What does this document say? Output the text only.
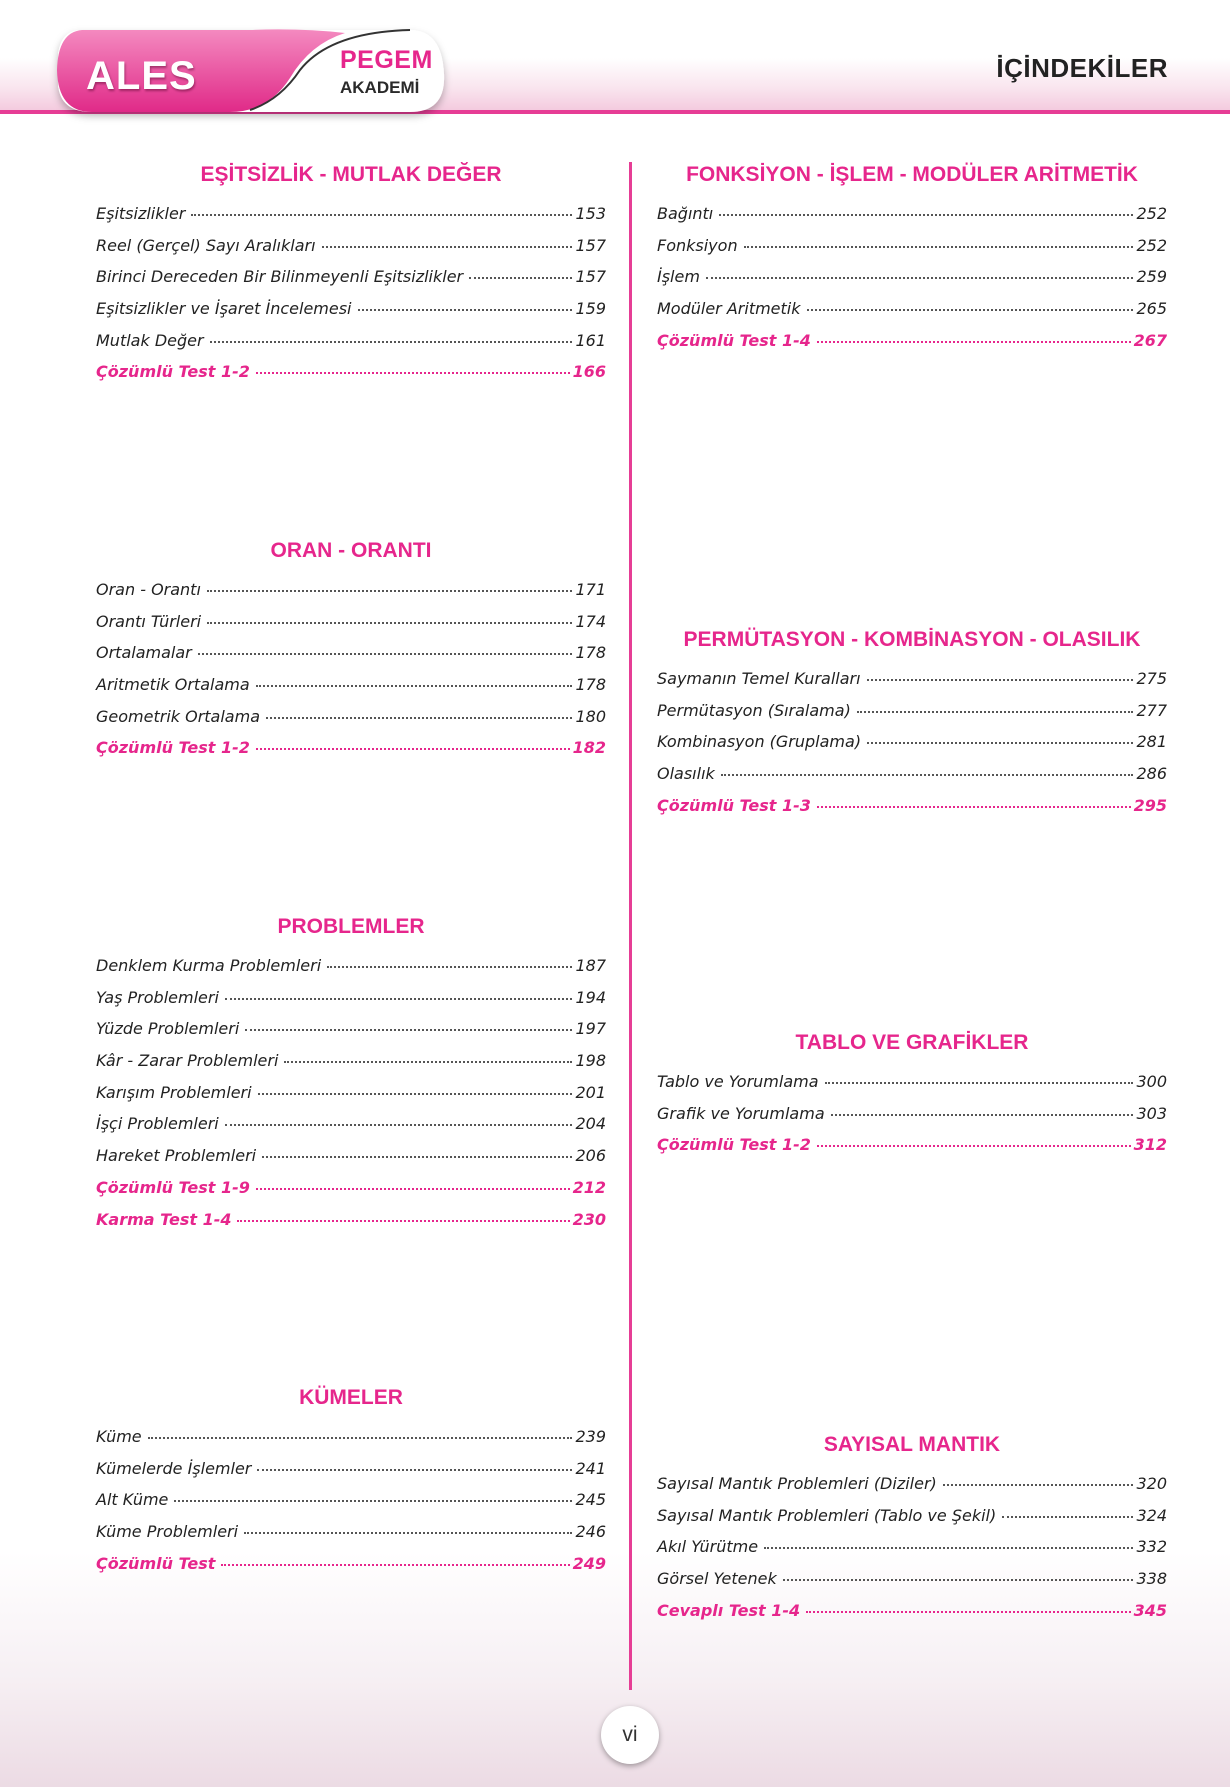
ALES	PEGEM
AKADEMİ
İÇİNDEKİLER
EŞİTSİZLİK - MUTLAK DEĞER
Eşitsizlikler	153
Reel (Gerçel) Sayı Aralıkları	157
Birinci Dereceden Bir Bilinmeyenli Eşitsizlikler	157
Eşitsizlikler ve İşaret İncelemesi	159
Mutlak Değer	161
Çözümlü Test 1-2	166
FONKSİYON - İŞLEM - MODÜLER ARİTMETİK
Bağıntı	252
Fonksiyon	252
İşlem	259
Modüler Aritmetik	265
Çözümlü Test 1-4	267
ORAN - ORANTI
Oran - Orantı	171
Orantı Türleri	174
Ortalamalar	178
Aritmetik Ortalama	178
Geometrik Ortalama	180
Çözümlü Test 1-2	182
PERMÜTASYON - KOMBİNASYON - OLASILIK
Saymanın Temel Kuralları	275
Permütasyon (Sıralama)	277
Kombinasyon (Gruplama)	281
Olasılık	286
Çözümlü Test 1-3	295
PROBLEMLER
Denklem Kurma Problemleri	187
Yaş Problemleri	194
Yüzde Problemleri	197
Kâr - Zarar Problemleri	198
Karışım Problemleri	201
İşçi Problemleri	204
Hareket Problemleri	206
Çözümlü Test 1-9	212
Karma Test 1-4	230
TABLO VE GRAFİKLER
Tablo ve Yorumlama	300
Grafik ve Yorumlama	303
Çözümlü Test 1-2	312
KÜMELER
Küme	239
Kümelerde İşlemler	241
Alt Küme	245
Küme Problemleri	246
Çözümlü Test	249
SAYISAL MANTIK
Sayısal Mantık Problemleri (Diziler)	320
Sayısal Mantık Problemleri (Tablo ve Şekil)	324
Akıl Yürütme	332
Görsel Yetenek	338
Cevaplı Test 1-4	345
vi
